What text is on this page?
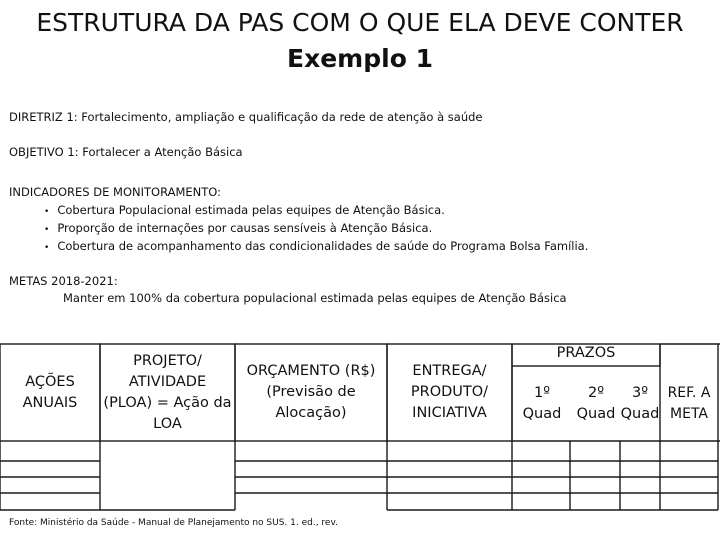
ESTRUTURA DA PAS COM O QUE ELA DEVE CONTER
Exemplo 1
DIRETRIZ 1: Fortalecimento, ampliação e qualificação da rede de atenção à saúde
OBJETIVO 1: Fortalecer a Atenção Básica
INDICADORES DE MONITORAMENTO:
• Cobertura Populacional estimada pelas equipes de Atenção Básica.
• Proporção de internações por causas sensíveis à Atenção Básica.
• Cobertura de acompanhamento das condicionalidades de saúde do Programa Bolsa Família.
METAS 2018-2021:
Manter em 100% da cobertura populacional estimada pelas equipes de Atenção Básica
AÇÕES ANUAIS
PROJETO/ ATIVIDADE (PLOA) = Ação da LOA
ORÇAMENTO (R$) (Previsão de Alocação)
ENTREGA/ PRODUTO/ INICIATIVA
PRAZOS
1º Quad
2º Quad
3º Quad
REF. A META
Fonte: Ministério da Saúde - Manual de Planejamento no SUS. 1. ed., rev.
